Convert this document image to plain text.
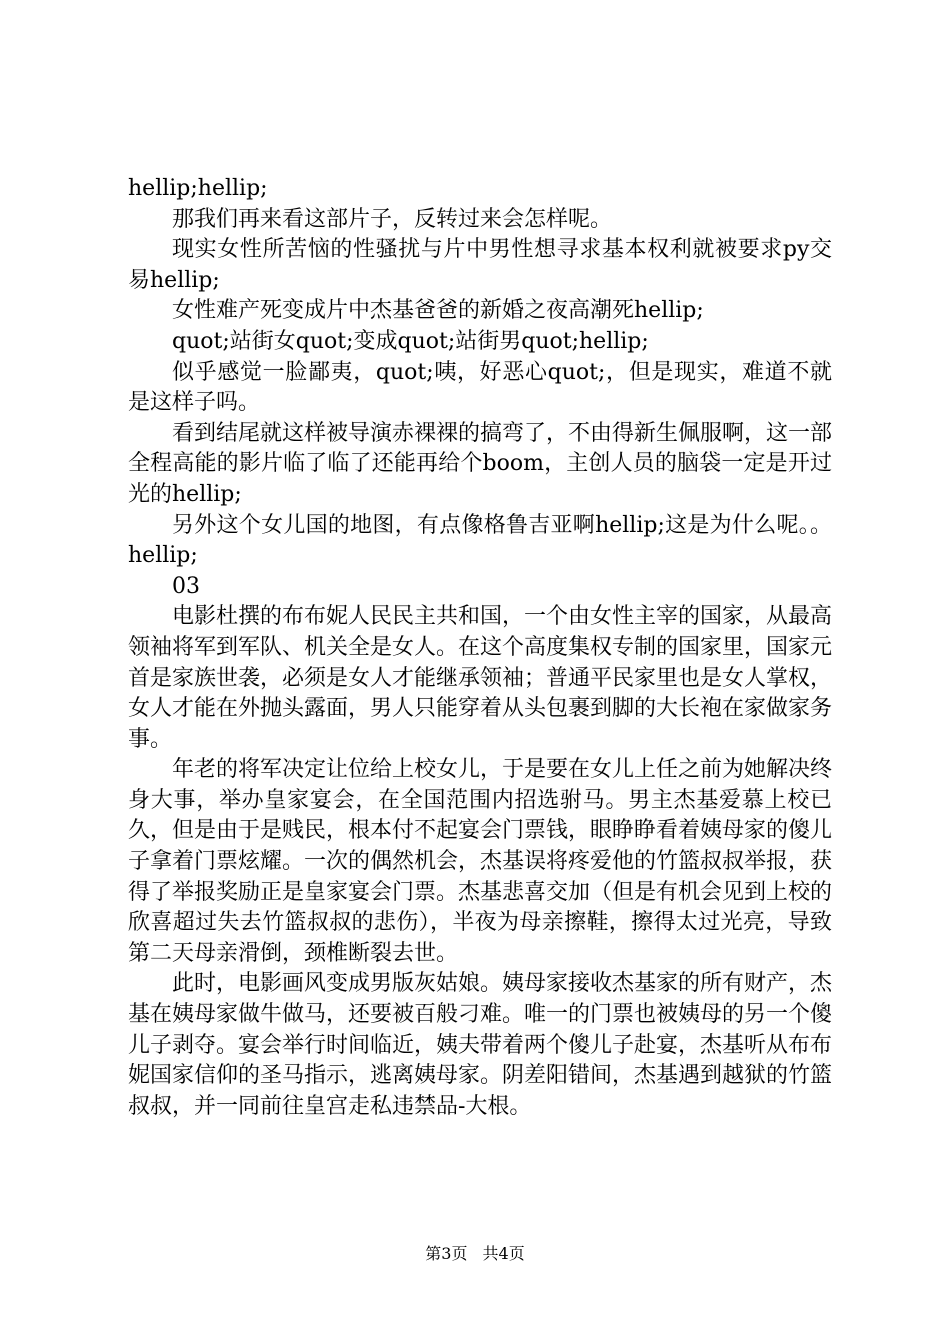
hellip;hellip;

那我们再来看这部片子，反转过来会怎样呢。

现实女性所苦恼的性骚扰与片中男性想寻求基本权利就被要求py交易hellip;

女性难产死变成片中杰基爸爸的新婚之夜高潮死hellip;

quot;站街女quot;变成quot;站街男quot;hellip;

似乎感觉一脸鄙夷，quot;咦，好恶心quot;，但是现实，难道不就是这样子吗。

看到结尾就这样被导演赤裸裸的搞弯了，不由得新生佩服啊，这一部全程高能的影片临了临了还能再给个boom，主创人员的脑袋一定是开过光的hellip;

另外这个女儿国的地图，有点像格鲁吉亚啊hellip;这是为什么呢。。hellip;

03

电影杜撰的布布妮人民民主共和国，一个由女性主宰的国家，从最高领袖将军到军队、机关全是女人。在这个高度集权专制的国家里，国家元首是家族世袭，必须是女人才能继承领袖；普通平民家里也是女人掌权，女人才能在外抛头露面，男人只能穿着从头包裹到脚的大长袍在家做家务事。

年老的将军决定让位给上校女儿，于是要在女儿上任之前为她解决终身大事，举办皇家宴会，在全国范围内招选驸马。男主杰基爱慕上校已久，但是由于是贱民，根本付不起宴会门票钱，眼睁睁看着姨母家的傻儿子拿着门票炫耀。一次的偶然机会，杰基误将疼爱他的竹篮叔叔举报，获得了举报奖励正是皇家宴会门票。杰基悲喜交加（但是有机会见到上校的欣喜超过失去竹篮叔叔的悲伤），半夜为母亲擦鞋，擦得太过光亮，导致第二天母亲滑倒，颈椎断裂去世。

此时，电影画风变成男版灰姑娘。姨母家接收杰基家的所有财产，杰基在姨母家做牛做马，还要被百般刁难。唯一的门票也被姨母的另一个傻儿子剥夺。宴会举行时间临近，姨夫带着两个傻儿子赴宴，杰基听从布布妮国家信仰的圣马指示，逃离姨母家。阴差阳错间，杰基遇到越狱的竹篮叔叔，并一同前往皇宫走私违禁品-大根。

第3页 共4页
